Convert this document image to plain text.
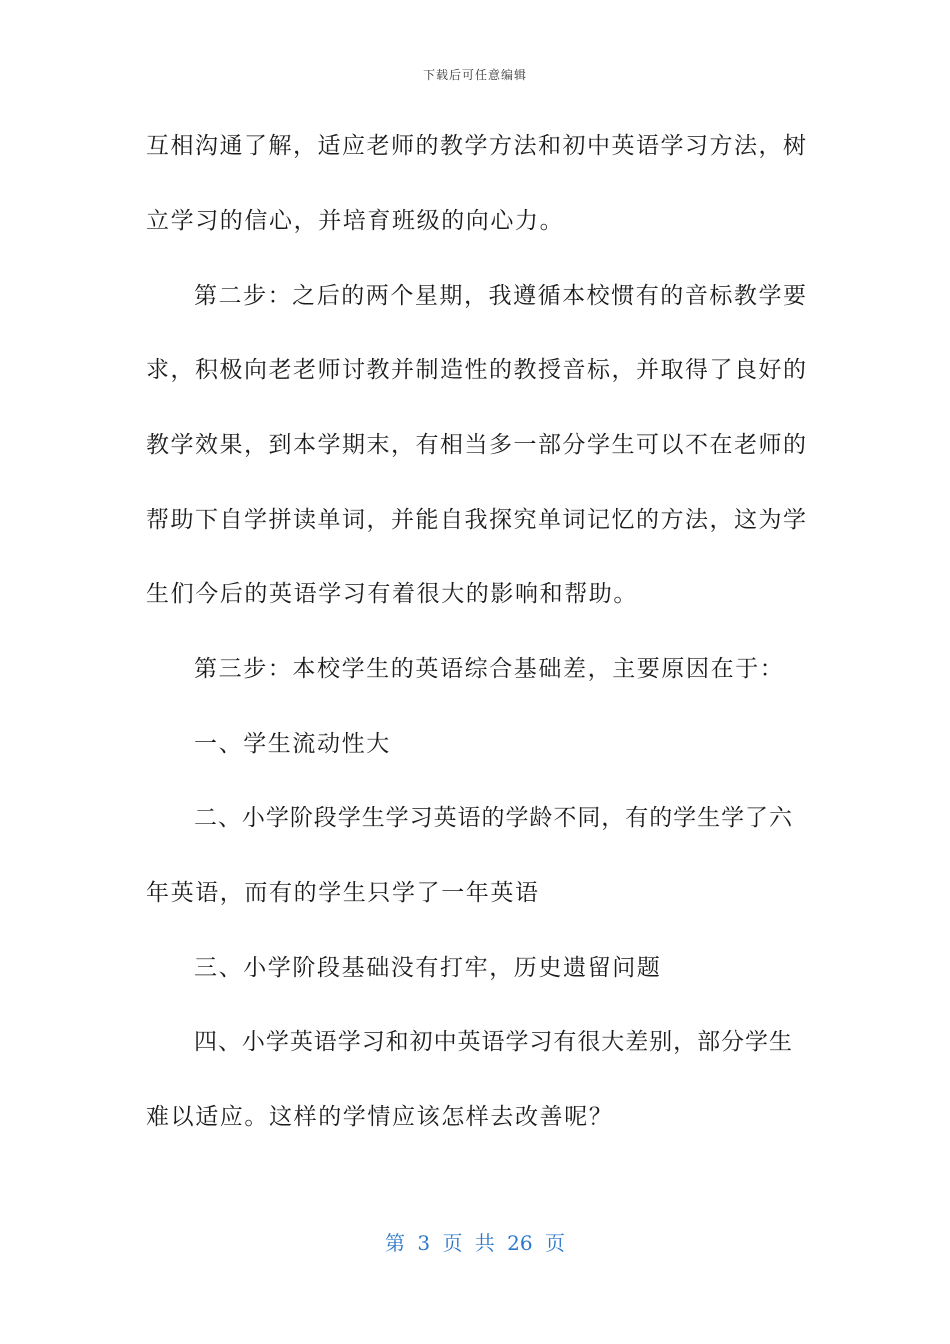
下载后可任意编辑
互相沟通了解，适应老师的教学方法和初中英语学习方法，树
立学习的信心，并培育班级的向心力。
第二步：之后的两个星期，我遵循本校惯有的音标教学要
求，积极向老老师讨教并制造性的教授音标，并取得了良好的
教学效果，到本学期末，有相当多一部分学生可以不在老师的
帮助下自学拼读单词，并能自我探究单词记忆的方法，这为学
生们今后的英语学习有着很大的影响和帮助。
第三步：本校学生的英语综合基础差，主要原因在于：
一、学生流动性大
二、小学阶段学生学习英语的学龄不同，有的学生学了六
年英语，而有的学生只学了一年英语
三、小学阶段基础没有打牢，历史遗留问题
四、小学英语学习和初中英语学习有很大差别，部分学生
难以适应。这样的学情应该怎样去改善呢？
第 3 页 共 26 页
